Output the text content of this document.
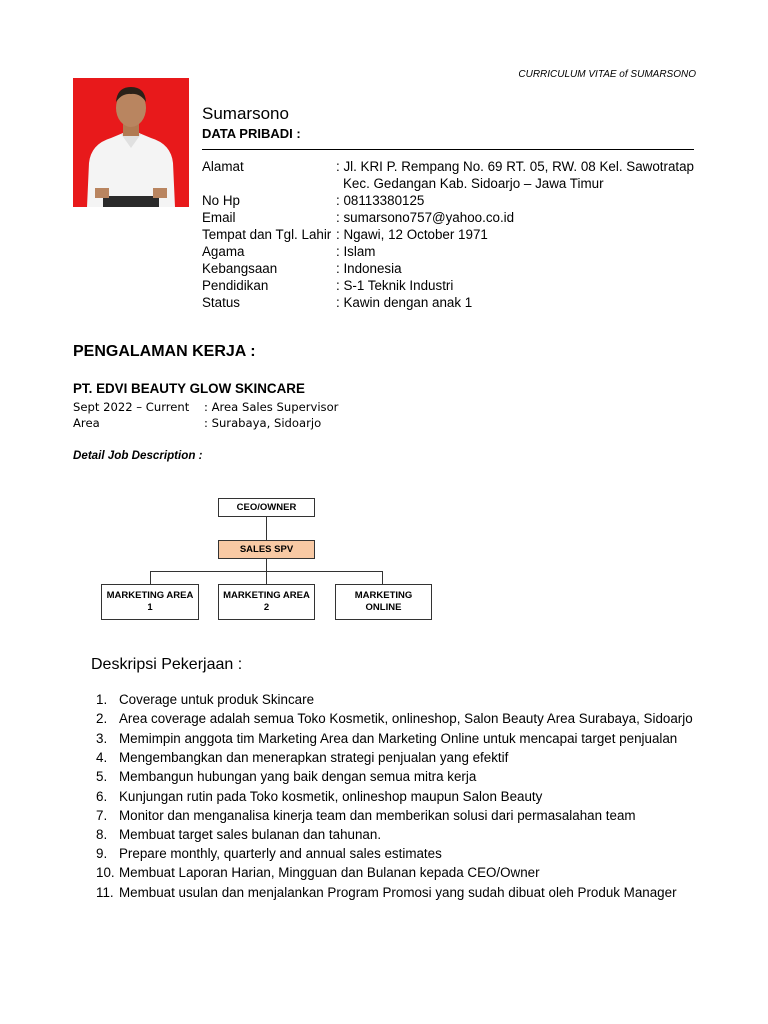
CURRICULUM VITAE of SUMARSONO
Sumarsono
DATA PRIBADI :
Alamat	: Jl. KRI P. Rempang No. 69 RT. 05, RW. 08 Kel. Sawotratap
Kec. Gedangan Kab. Sidoarjo – Jawa Timur
No Hp	: 08113380125
Email	: sumarsono757@yahoo.co.id
Tempat dan Tgl. Lahir : Ngawi, 12 October 1971
Agama	: Islam
Kebangsaan	: Indonesia
Pendidikan	: S-1 Teknik Industri
Status	: Kawin dengan anak 1
PENGALAMAN KERJA :
PT. EDVI BEAUTY GLOW SKINCARE
Sept 2022 – Current : Area Sales Supervisor
Area	: Surabaya, Sidoarjo
Detail Job Description :
CEO/OWNER
SALES SPV
MARKETING AREA
1
MARKETING AREA
2
MARKETING
ONLINE
Deskripsi Pekerjaan :
1. Coverage untuk produk Skincare
2. Area coverage adalah semua Toko Kosmetik, onlineshop, Salon Beauty Area Surabaya, Sidoarjo
3. Memimpin anggota tim Marketing Area dan Marketing Online untuk mencapai target penjualan
4. Mengembangkan dan menerapkan strategi penjualan yang efektif
5. Membangun hubungan yang baik dengan semua mitra kerja
6. Kunjungan rutin pada Toko kosmetik, onlineshop maupun Salon Beauty
7. Monitor dan menganalisa kinerja team dan memberikan solusi dari permasalahan team
8. Membuat target sales bulanan dan tahunan.
9. Prepare monthly, quarterly and annual sales estimates
10. Membuat Laporan Harian, Mingguan dan Bulanan kepada CEO/Owner
11. Membuat usulan dan menjalankan Program Promosi yang sudah dibuat oleh Produk Manager
